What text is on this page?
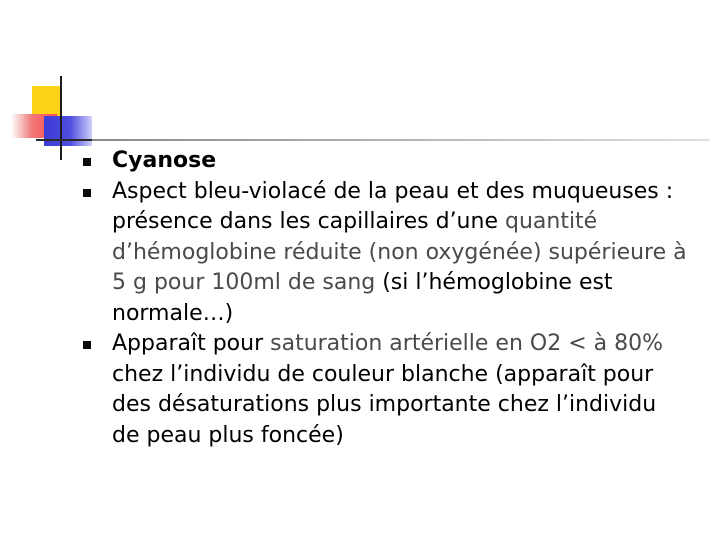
Cyanose
Aspect bleu-violacé de la peau et des muqueuses : présence dans les capillaires d’une quantité d’hémoglobine réduite (non oxygénée) supérieure à 5 g pour 100ml de sang (si l’hémoglobine est normale…)
Apparaît pour saturation artérielle en O2 < à 80% chez l’individu de couleur blanche (apparaît pour des désaturations plus importante chez l’individu de peau plus foncée)
